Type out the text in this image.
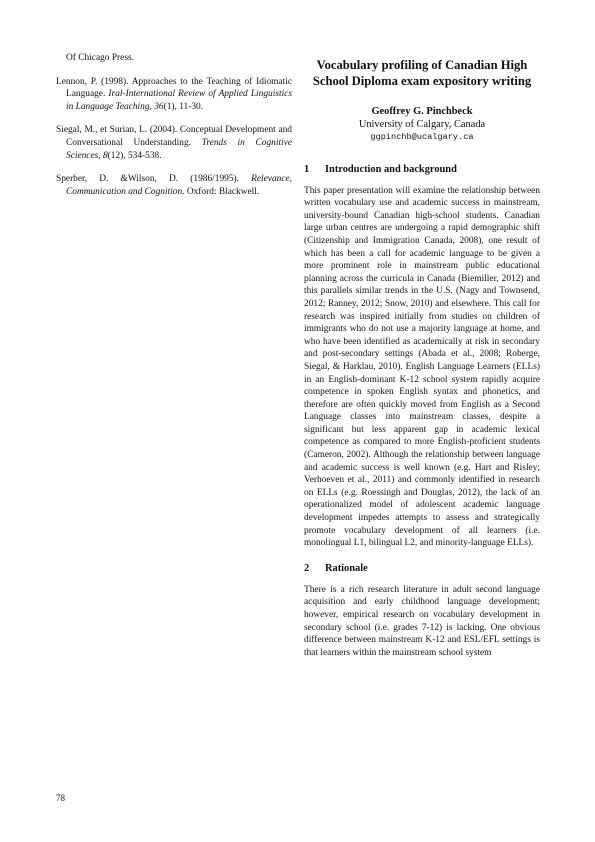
Of Chicago Press.

Lennon, P. (1998). Approaches to the Teaching of Idiomatic Language. Iral-International Review of Applied Linguistics in Language Teaching, 36(1), 11-30.

Siegal, M., et Surian, L. (2004). Conceptual Development and Conversational Understanding. Trends in Cognitive Sciences, 8(12), 534-538.

Sperber, D. &Wilson, D. (1986/1995). Relevance, Communication and Cognition. Oxford: Blackwell.

Vocabulary profiling of Canadian High School Diploma exam expository writing
Geoffrey G. Pinchbeck
University of Calgary, Canada
ggpinchb@ucalgary.ca
1	Introduction and background
This paper presentation will examine the relationship between written vocabulary use and academic success in mainstream, university-bound Canadian high-school students. Canadian large urban centres are undergoing a rapid demographic shift (Citizenship and Immigration Canada, 2008), one result of which has been a call for academic language to be given a more prominent role in mainstream public educational planning across the curricula in Canada (Biemiller, 2012) and this parallels similar trends in the U.S. (Nagy and Townsend, 2012; Ranney, 2012; Snow, 2010) and elsewhere. This call for research was inspired initially from studies on children of immigrants who do not use a majority language at home, and who have been identified as academically at risk in secondary and post-secondary settings (Abada et al., 2008; Roberge, Siegal, & Harklau, 2010). English Language Learners (ELLs) in an English-dominant K-12 school system rapidly acquire competence in spoken English syntax and phonetics, and therefore are often quickly moved from English as a Second Language classes into mainstream classes, despite a significant but less apparent gap in academic lexical competence as compared to more English-proficient students (Cameron, 2002). Although the relationship between language and academic success is well known (e.g. Hart and Risley; Verhoeven et al., 2011) and commonly identified in research on ELLs (e.g. Roessingh and Douglas, 2012), the lack of an operationalized model of adolescent academic language development impedes attempts to assess and strategically promote vocabulary development of all learners (i.e. monolingual L1, bilingual L2, and minority-language ELLs).
2	Rationale
There is a rich research literature in adult second language acquisition and early childhood language development; however, empirical research on vocabulary development in secondary school (i.e. grades 7-12) is lacking. One obvious difference between mainstream K-12 and ESL/EFL settings is that learners within the mainstream school system
78
